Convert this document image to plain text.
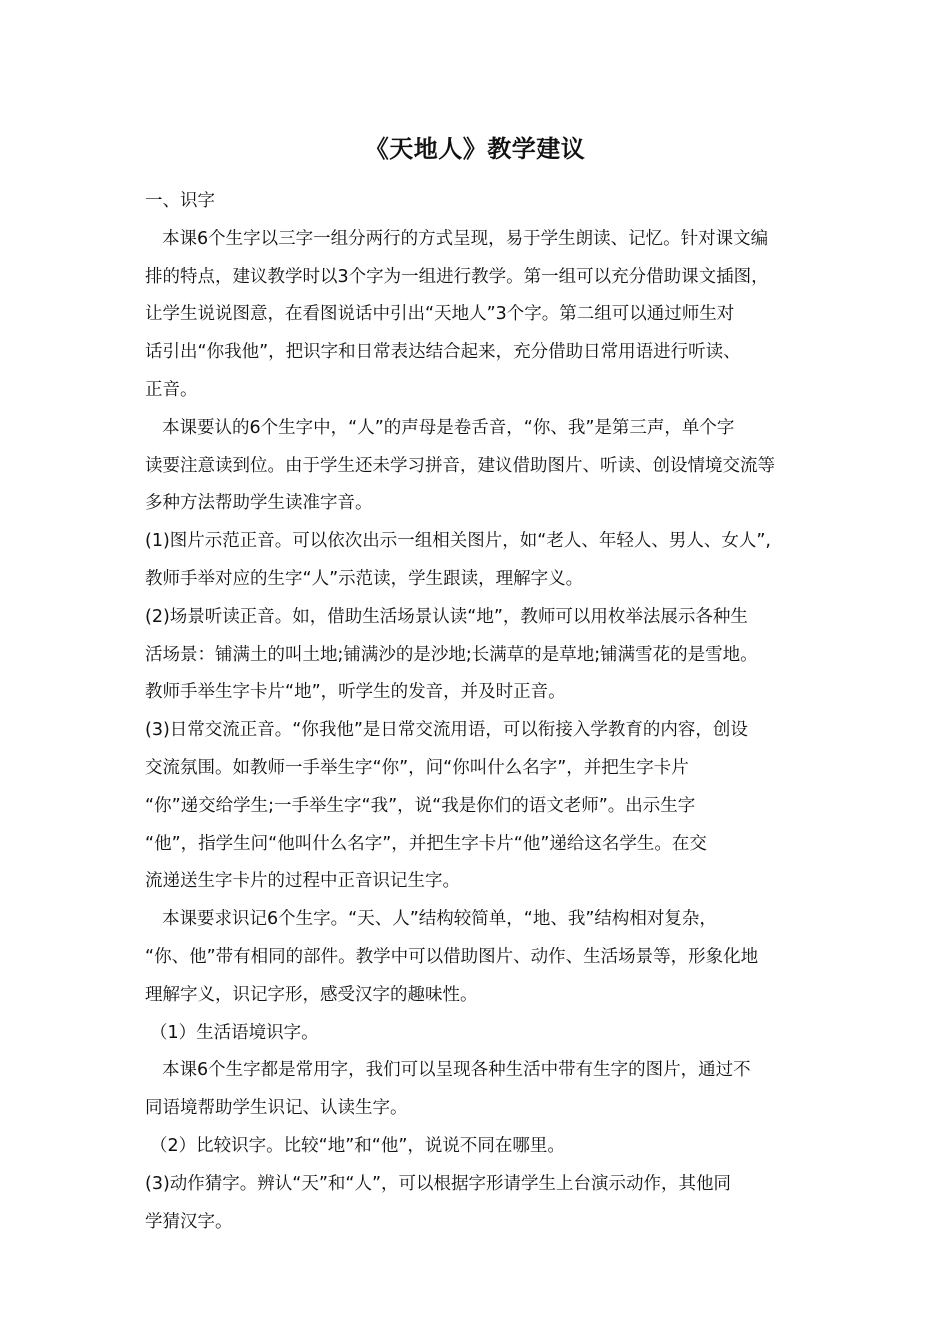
《天地人》教学建议
一、识字
本课6个生字以三字一组分两行的方式呈现，易于学生朗读、记忆。针对课文编
排的特点，建议教学时以3个字为一组进行教学。第一组可以充分借助课文插图，
让学生说说图意，在看图说话中引出“天地人”3个字。第二组可以通过师生对
话引出“你我他”，把识字和日常表达结合起来，充分借助日常用语进行听读、
正音。
本课要认的6个生字中，“人”的声母是卷舌音，“你、我”是第三声，单个字
读要注意读到位。由于学生还未学习拼音，建议借助图片、听读、创设情境交流等
多种方法帮助学生读准字音。
(1)图片示范正音。可以依次出示一组相关图片，如“老人、年轻人、男人、女人”,
教师手举对应的生字“人”示范读，学生跟读，理解字义。
(2)场景听读正音。如，借助生活场景认读“地”，教师可以用枚举法展示各种生
活场景：铺满土的叫土地;铺满沙的是沙地;长满草的是草地;铺满雪花的是雪地。
教师手举生字卡片“地”，听学生的发音，并及时正音。
(3)日常交流正音。“你我他”是日常交流用语，可以衔接入学教育的内容，创设
交流氛围。如教师一手举生字“你”，问“你叫什么名字”，并把生字卡片
“你”递交给学生;一手举生字“我”，说“我是你们的语文老师”。出示生字
“他”，指学生问“他叫什么名字”，并把生字卡片“他”递给这名学生。在交
流递送生字卡片的过程中正音识记生字。
本课要求识记6个生字。“天、人”结构较简单，“地、我”结构相对复杂，
“你、他”带有相同的部件。教学中可以借助图片、动作、生活场景等，形象化地
理解字义，识记字形，感受汉字的趣味性。
（1）生活语境识字。
本课6个生字都是常用字，我们可以呈现各种生活中带有生字的图片，通过不
同语境帮助学生识记、认读生字。
（2）比较识字。比较“地”和“他”，说说不同在哪里。
(3)动作猜字。辨认“天”和“人”，可以根据字形请学生上台演示动作，其他同
学猜汉字。
